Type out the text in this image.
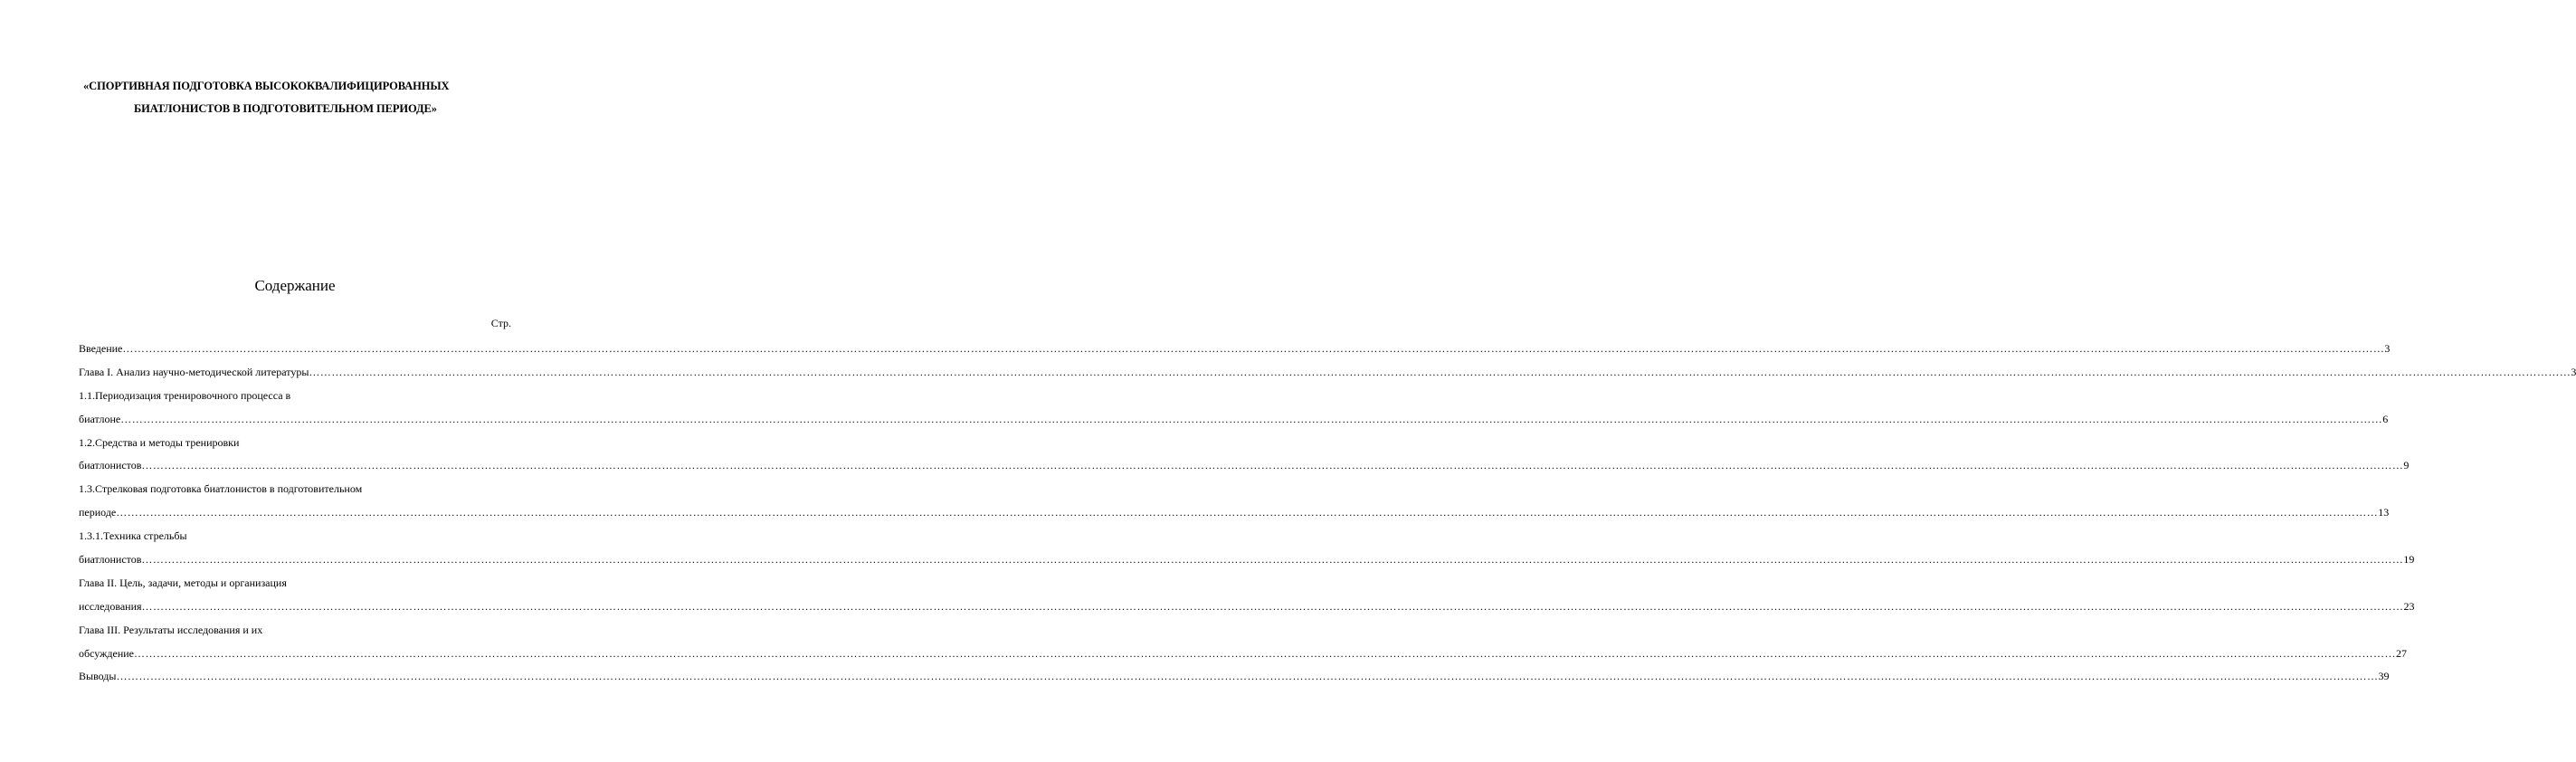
«СПОРТИВНАЯ ПОДГОТОВКА ВЫСОКОКВАЛИФИЦИРОВАННЫХ
БИАТЛОНИСТОВ В ПОДГОТОВИТЕЛЬНОМ ПЕРИОДЕ»
Содержание
Стр.
Введение …………………………………………………………………………………………………………………………………………………………………………………………………………………………………………………………………………………………………………………………………………………………………………………………………………………………………………………………………………………………………………………………………………………… 3
Глава I. Анализ научно-методической литературы …………………………………………………………………………………………………………………………………………………………………………………………………………………………………………………………………………………………………………………………………………………………………………………………………………………………………………………………………………………………………………………………………………………… 3
1.1.Периодизация тренировочного процесса в
биатлоне …………………………………………………………………………………………………………………………………………………………………………………………………………………………………………………………………………………………………………………………………………………………………………………………………………………………………………………………………………………………………………………………………………………… 6
1.2.Средства и методы тренировки
биатлонистов …………………………………………………………………………………………………………………………………………………………………………………………………………………………………………………………………………………………………………………………………………………………………………………………………………………………………………………………………………………………………………………………………………………… 9
1.3.Стрелковая подготовка биатлонистов в подготовительном
периоде …………………………………………………………………………………………………………………………………………………………………………………………………………………………………………………………………………………………………………………………………………………………………………………………………………………………………………………………………………………………………………………………………………………… 13
1.3.1.Техника стрельбы
биатлонистов …………………………………………………………………………………………………………………………………………………………………………………………………………………………………………………………………………………………………………………………………………………………………………………………………………………………………………………………………………………………………………………………………………………… 19
Глава II. Цель, задачи, методы и организация
исследования …………………………………………………………………………………………………………………………………………………………………………………………………………………………………………………………………………………………………………………………………………………………………………………………………………………………………………………………………………………………………………………………………………………… 23
Глава III. Результаты исследования и их
обсуждение …………………………………………………………………………………………………………………………………………………………………………………………………………………………………………………………………………………………………………………………………………………………………………………………………………………………………………………………………………………………………………………………………………………… 27
Выводы …………………………………………………………………………………………………………………………………………………………………………………………………………………………………………………………………………………………………………………………………………………………………………………………………………………………………………………………………………………………………………………………………………………… 39
